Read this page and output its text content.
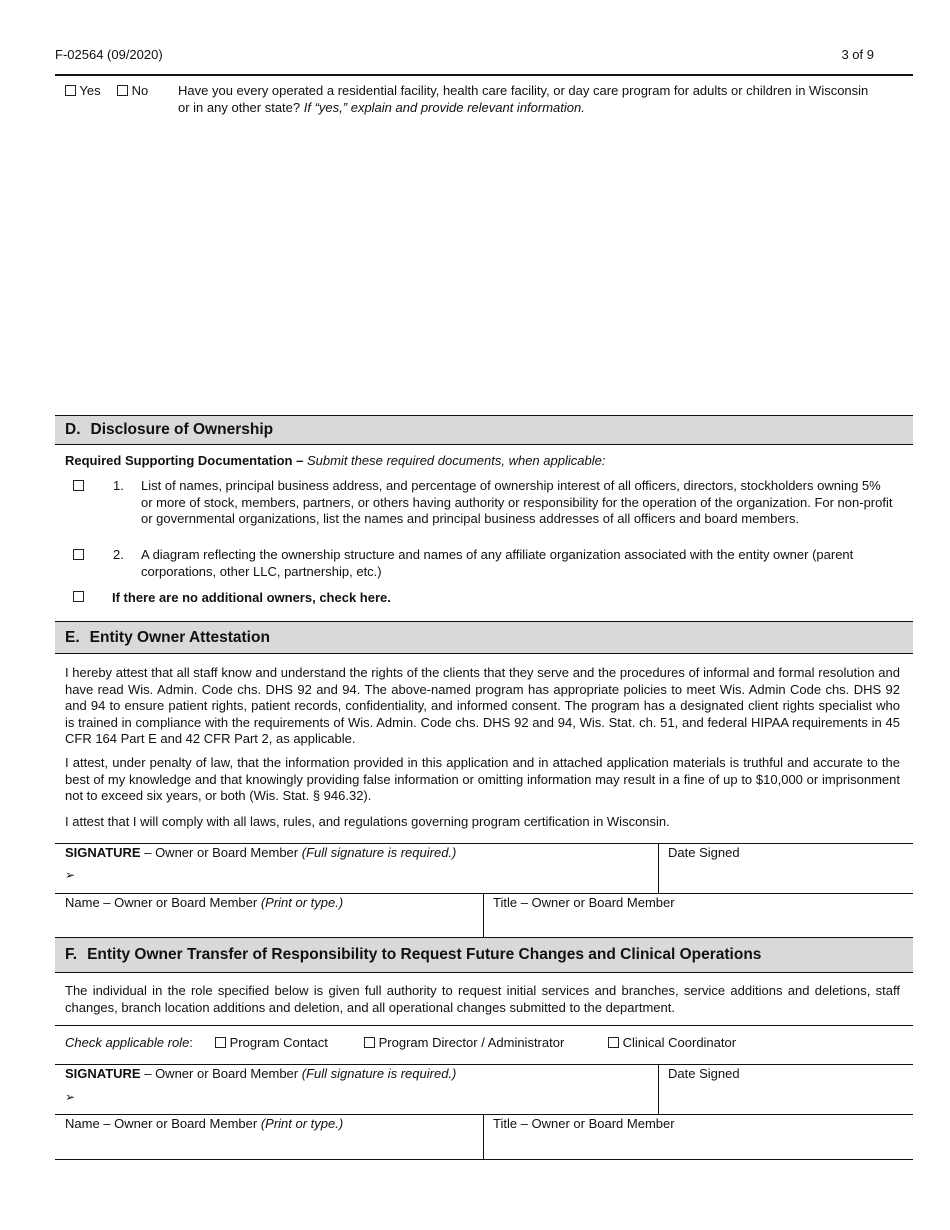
F-02564 (09/2020)	3 of 9
Yes	No Have you every operated a residential facility, health care facility, or day care program for adults or children in Wisconsin or in any other state? If “yes,” explain and provide relevant information.
D. Disclosure of Ownership
Required Supporting Documentation – Submit these required documents, when applicable:
1. List of names, principal business address, and percentage of ownership interest of all officers, directors, stockholders owning 5% or more of stock, members, partners, or others having authority or responsibility for the operation of the organization. For non-profit or governmental organizations, list the names and principal business addresses of all officers and board members.
2. A diagram reflecting the ownership structure and names of any affiliate organization associated with the entity owner (parent corporations, other LLC, partnership, etc.)
If there are no additional owners, check here.
E. Entity Owner Attestation
I hereby attest that all staff know and understand the rights of the clients that they serve and the procedures of informal and formal resolution and have read Wis. Admin. Code chs. DHS 92 and 94. The above-named program has appropriate policies to meet Wis. Admin Code chs. DHS 92 and 94 to ensure patient rights, patient records, confidentiality, and informed consent. The program has a designated client rights specialist who is trained in compliance with the requirements of Wis. Admin. Code chs. DHS 92 and 94, Wis. Stat. ch. 51, and federal HIPAA requirements in 45 CFR 164 Part E and 42 CFR Part 2, as applicable.
I attest, under penalty of law, that the information provided in this application and in attached application materials is truthful and accurate to the best of my knowledge and that knowingly providing false information or omitting information may result in a fine of up to $10,000 or imprisonment not to exceed six years, or both (Wis. Stat. § 946.32).
I attest that I will comply with all laws, rules, and regulations governing program certification in Wisconsin.
SIGNATURE – Owner or Board Member (Full signature is required.)
➢
Date Signed
Name – Owner or Board Member (Print or type.)	Title – Owner or Board Member
F. Entity Owner Transfer of Responsibility to Request Future Changes and Clinical Operations
The individual in the role specified below is given full authority to request initial services and branches, service additions and deletions, staff changes, branch location additions and deletion, and all operational changes submitted to the department.
Check applicable role:	Program Contact	Program Director / Administrator	Clinical Coordinator
SIGNATURE – Owner or Board Member (Full signature is required.)
➢
Date Signed
Name – Owner or Board Member (Print or type.)	Title – Owner or Board Member
